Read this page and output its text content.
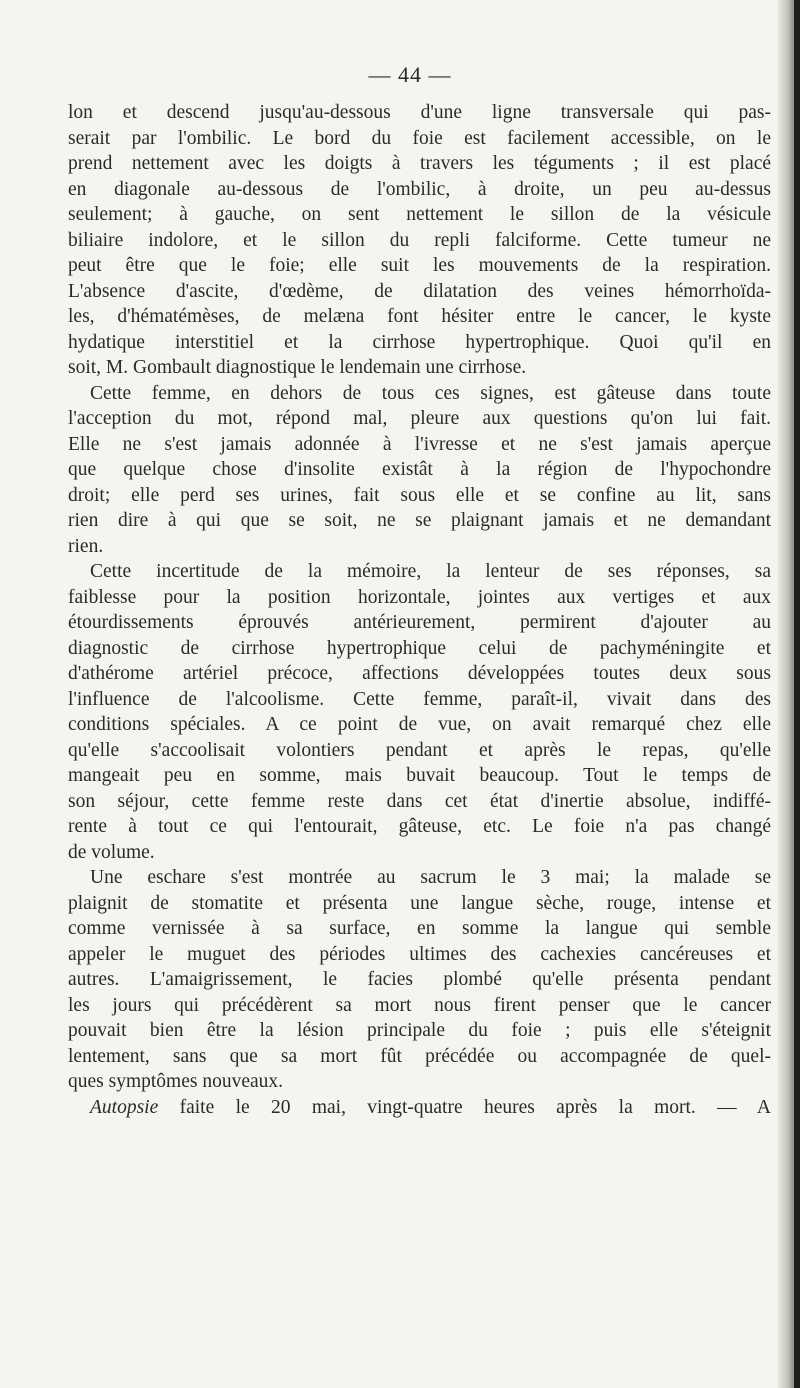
— 44 —
lon et descend jusqu'au-dessous d'une ligne transversale qui pas-
serait par l'ombilic. Le bord du foie est facilement accessible, on le
prend nettement avec les doigts à travers les téguments ; il est placé
en diagonale au-dessous de l'ombilic, à droite, un peu au-dessus
seulement; à gauche, on sent nettement le sillon de la vésicule
biliaire indolore, et le sillon du repli falciforme. Cette tumeur ne
peut être que le foie; elle suit les mouvements de la respiration.
L'absence d'ascite, d'œdème, de dilatation des veines hémorrhoïda-
les, d'hématémèses, de melæna font hésiter entre le cancer, le kyste
hydatique interstitiel et la cirrhose hypertrophique. Quoi qu'il en
soit, M. Gombault diagnostique le lendemain une cirrhose.
Cette femme, en dehors de tous ces signes, est gâteuse dans toute
l'acception du mot, répond mal, pleure aux questions qu'on lui fait.
Elle ne s'est jamais adonnée à l'ivresse et ne s'est jamais aperçue
que quelque chose d'insolite existât à la région de l'hypochondre
droit; elle perd ses urines, fait sous elle et se confine au lit, sans
rien dire à qui que se soit, ne se plaignant jamais et ne demandant
rien.
Cette incertitude de la mémoire, la lenteur de ses réponses, sa
faiblesse pour la position horizontale, jointes aux vertiges et aux
étourdissements éprouvés antérieurement, permirent d'ajouter au
diagnostic de cirrhose hypertrophique celui de pachyméningite et
d'athérome artériel précoce, affections développées toutes deux sous
l'influence de l'alcoolisme. Cette femme, paraît-il, vivait dans des
conditions spéciales. A ce point de vue, on avait remarqué chez elle
qu'elle s'accoolisait volontiers pendant et après le repas, qu'elle
mangeait peu en somme, mais buvait beaucoup. Tout le temps de
son séjour, cette femme reste dans cet état d'inertie absolue, indiffé-
rente à tout ce qui l'entourait, gâteuse, etc. Le foie n'a pas changé
de volume.
Une eschare s'est montrée au sacrum le 3 mai; la malade se
plaignit de stomatite et présenta une langue sèche, rouge, intense et
comme vernissée à sa surface, en somme la langue qui semble
appeler le muguet des périodes ultimes des cachexies cancéreuses et
autres. L'amaigrissement, le facies plombé qu'elle présenta pendant
les jours qui précédèrent sa mort nous firent penser que le cancer
pouvait bien être la lésion principale du foie ; puis elle s'éteignit
lentement, sans que sa mort fût précédée ou accompagnée de quel-
ques symptômes nouveaux.
Autopsie faite le 20 mai, vingt-quatre heures après la mort. — A
